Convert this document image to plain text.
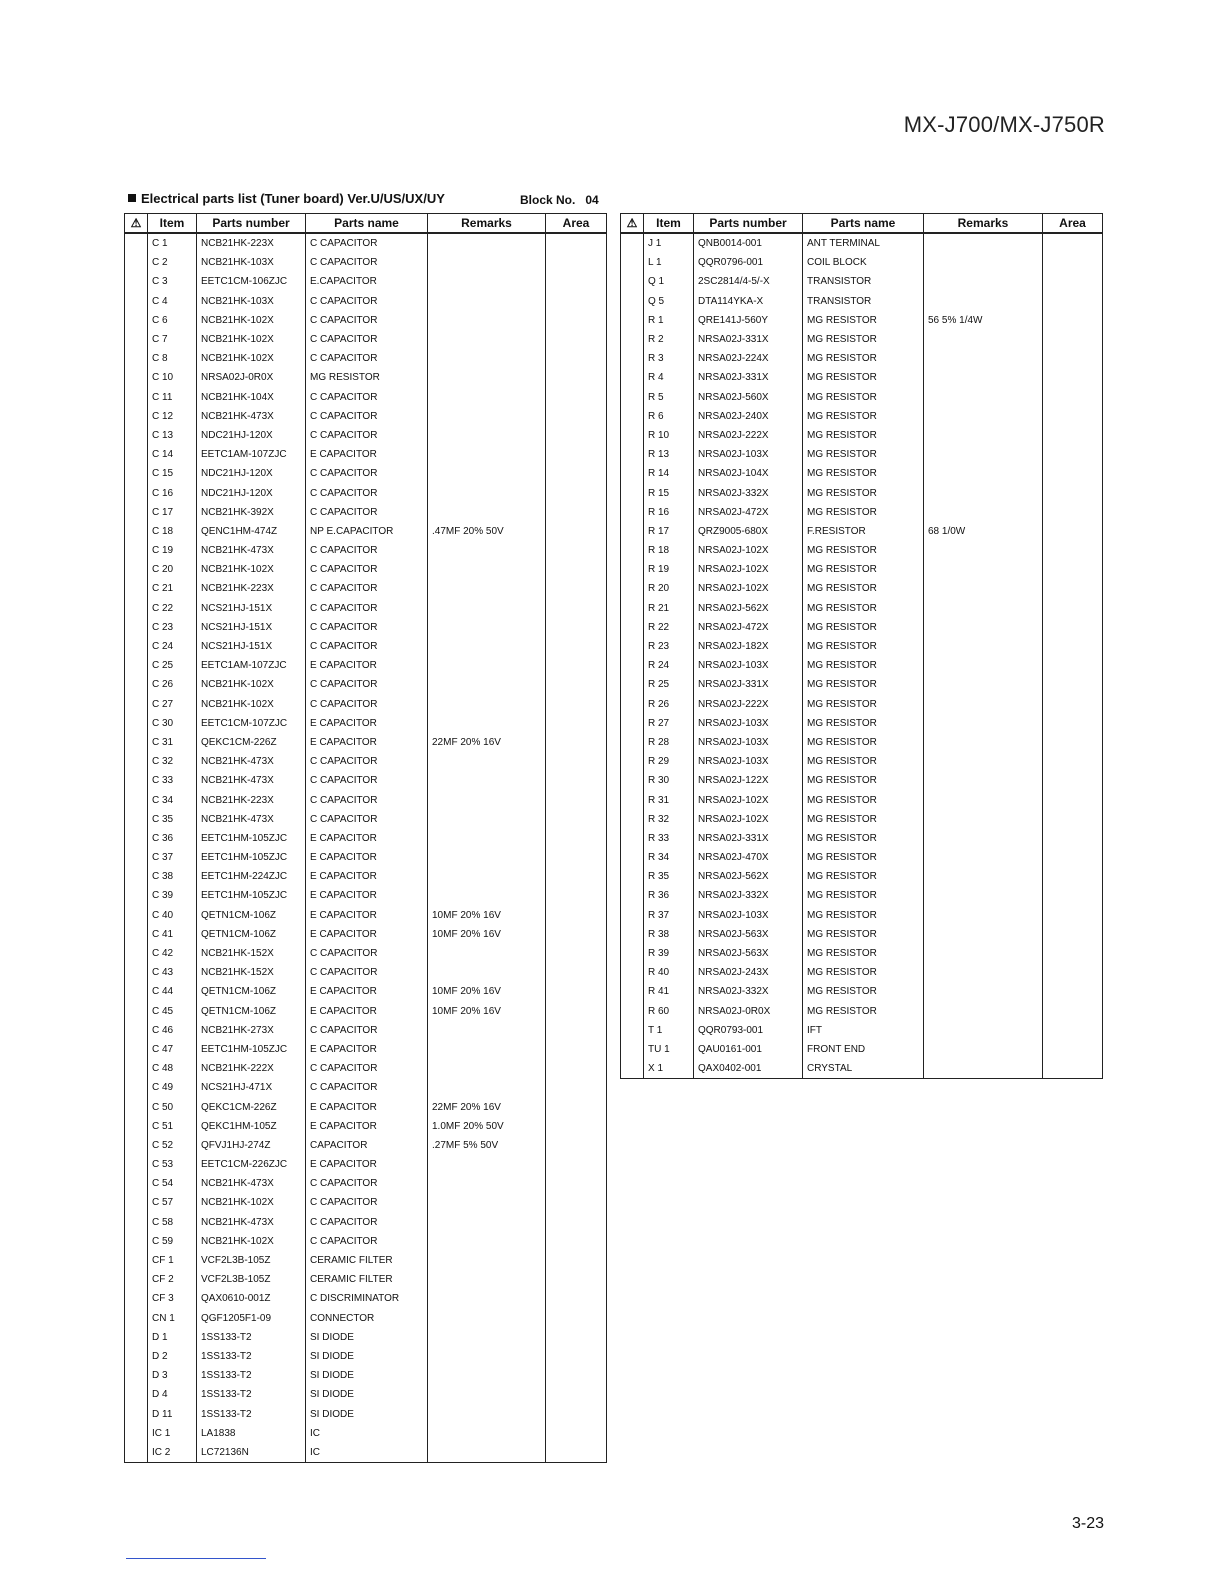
MX-J700/MX-J750R
Electrical parts list (Tuner board) Ver.U/US/UX/UY	Block No. 04
⚠	Item	Parts number	Parts name	Remarks	Area
	C 1	NCB21HK-223X	C CAPACITOR		
	C 2	NCB21HK-103X	C CAPACITOR		
	C 3	EETC1CM-106ZJC	E.CAPACITOR		
	C 4	NCB21HK-103X	C CAPACITOR		
	C 6	NCB21HK-102X	C CAPACITOR		
	C 7	NCB21HK-102X	C CAPACITOR		
	C 8	NCB21HK-102X	C CAPACITOR		
	C 10	NRSA02J-0R0X	MG RESISTOR		
	C 11	NCB21HK-104X	C CAPACITOR		
	C 12	NCB21HK-473X	C CAPACITOR		
	C 13	NDC21HJ-120X	C CAPACITOR		
	C 14	EETC1AM-107ZJC	E CAPACITOR		
	C 15	NDC21HJ-120X	C CAPACITOR		
	C 16	NDC21HJ-120X	C CAPACITOR		
	C 17	NCB21HK-392X	C CAPACITOR		
	C 18	QENC1HM-474Z	NP E.CAPACITOR	.47MF 20% 50V	
	C 19	NCB21HK-473X	C CAPACITOR		
	C 20	NCB21HK-102X	C CAPACITOR		
	C 21	NCB21HK-223X	C CAPACITOR		
	C 22	NCS21HJ-151X	C CAPACITOR		
	C 23	NCS21HJ-151X	C CAPACITOR		
	C 24	NCS21HJ-151X	C CAPACITOR		
	C 25	EETC1AM-107ZJC	E CAPACITOR		
	C 26	NCB21HK-102X	C CAPACITOR		
	C 27	NCB21HK-102X	C CAPACITOR		
	C 30	EETC1CM-107ZJC	E CAPACITOR		
	C 31	QEKC1CM-226Z	E CAPACITOR	22MF 20% 16V	
	C 32	NCB21HK-473X	C CAPACITOR		
	C 33	NCB21HK-473X	C CAPACITOR		
	C 34	NCB21HK-223X	C CAPACITOR		
	C 35	NCB21HK-473X	C CAPACITOR		
	C 36	EETC1HM-105ZJC	E CAPACITOR		
	C 37	EETC1HM-105ZJC	E CAPACITOR		
	C 38	EETC1HM-224ZJC	E CAPACITOR		
	C 39	EETC1HM-105ZJC	E CAPACITOR		
	C 40	QETN1CM-106Z	E CAPACITOR	10MF 20% 16V	
	C 41	QETN1CM-106Z	E CAPACITOR	10MF 20% 16V	
	C 42	NCB21HK-152X	C CAPACITOR		
	C 43	NCB21HK-152X	C CAPACITOR		
	C 44	QETN1CM-106Z	E CAPACITOR	10MF 20% 16V	
	C 45	QETN1CM-106Z	E CAPACITOR	10MF 20% 16V	
	C 46	NCB21HK-273X	C CAPACITOR		
	C 47	EETC1HM-105ZJC	E CAPACITOR		
	C 48	NCB21HK-222X	C CAPACITOR		
	C 49	NCS21HJ-471X	C CAPACITOR		
	C 50	QEKC1CM-226Z	E CAPACITOR	22MF 20% 16V	
	C 51	QEKC1HM-105Z	E CAPACITOR	1.0MF 20% 50V	
	C 52	QFVJ1HJ-274Z	CAPACITOR	.27MF 5% 50V	
	C 53	EETC1CM-226ZJC	E CAPACITOR		
	C 54	NCB21HK-473X	C CAPACITOR		
	C 57	NCB21HK-102X	C CAPACITOR		
	C 58	NCB21HK-473X	C CAPACITOR		
	C 59	NCB21HK-102X	C CAPACITOR		
	CF 1	VCF2L3B-105Z	CERAMIC FILTER		
	CF 2	VCF2L3B-105Z	CERAMIC FILTER		
	CF 3	QAX0610-001Z	C DISCRIMINATOR		
	CN 1	QGF1205F1-09	CONNECTOR		
	D 1	1SS133-T2	SI DIODE		
	D 2	1SS133-T2	SI DIODE		
	D 3	1SS133-T2	SI DIODE		
	D 4	1SS133-T2	SI DIODE		
	D 11	1SS133-T2	SI DIODE		
	IC 1	LA1838	IC		
	IC 2	LC72136N	IC		
⚠	Item	Parts number	Parts name	Remarks	Area
	J 1	QNB0014-001	ANT TERMINAL		
	L 1	QQR0796-001	COIL BLOCK		
	Q 1	2SC2814/4-5/-X	TRANSISTOR		
	Q 5	DTA114YKA-X	TRANSISTOR		
	R 1	QRE141J-560Y	MG RESISTOR	56 5% 1/4W	
	R 2	NRSA02J-331X	MG RESISTOR		
	R 3	NRSA02J-224X	MG RESISTOR		
	R 4	NRSA02J-331X	MG RESISTOR		
	R 5	NRSA02J-560X	MG RESISTOR		
	R 6	NRSA02J-240X	MG RESISTOR		
	R 10	NRSA02J-222X	MG RESISTOR		
	R 13	NRSA02J-103X	MG RESISTOR		
	R 14	NRSA02J-104X	MG RESISTOR		
	R 15	NRSA02J-332X	MG RESISTOR		
	R 16	NRSA02J-472X	MG RESISTOR		
	R 17	QRZ9005-680X	F.RESISTOR	68 1/0W	
	R 18	NRSA02J-102X	MG RESISTOR		
	R 19	NRSA02J-102X	MG RESISTOR		
	R 20	NRSA02J-102X	MG RESISTOR		
	R 21	NRSA02J-562X	MG RESISTOR		
	R 22	NRSA02J-472X	MG RESISTOR		
	R 23	NRSA02J-182X	MG RESISTOR		
	R 24	NRSA02J-103X	MG RESISTOR		
	R 25	NRSA02J-331X	MG RESISTOR		
	R 26	NRSA02J-222X	MG RESISTOR		
	R 27	NRSA02J-103X	MG RESISTOR		
	R 28	NRSA02J-103X	MG RESISTOR		
	R 29	NRSA02J-103X	MG RESISTOR		
	R 30	NRSA02J-122X	MG RESISTOR		
	R 31	NRSA02J-102X	MG RESISTOR		
	R 32	NRSA02J-102X	MG RESISTOR		
	R 33	NRSA02J-331X	MG RESISTOR		
	R 34	NRSA02J-470X	MG RESISTOR		
	R 35	NRSA02J-562X	MG RESISTOR		
	R 36	NRSA02J-332X	MG RESISTOR		
	R 37	NRSA02J-103X	MG RESISTOR		
	R 38	NRSA02J-563X	MG RESISTOR		
	R 39	NRSA02J-563X	MG RESISTOR		
	R 40	NRSA02J-243X	MG RESISTOR		
	R 41	NRSA02J-332X	MG RESISTOR		
	R 60	NRSA02J-0R0X	MG RESISTOR		
	T 1	QQR0793-001	IFT		
	TU 1	QAU0161-001	FRONT END		
	X 1	QAX0402-001	CRYSTAL		
3-23
